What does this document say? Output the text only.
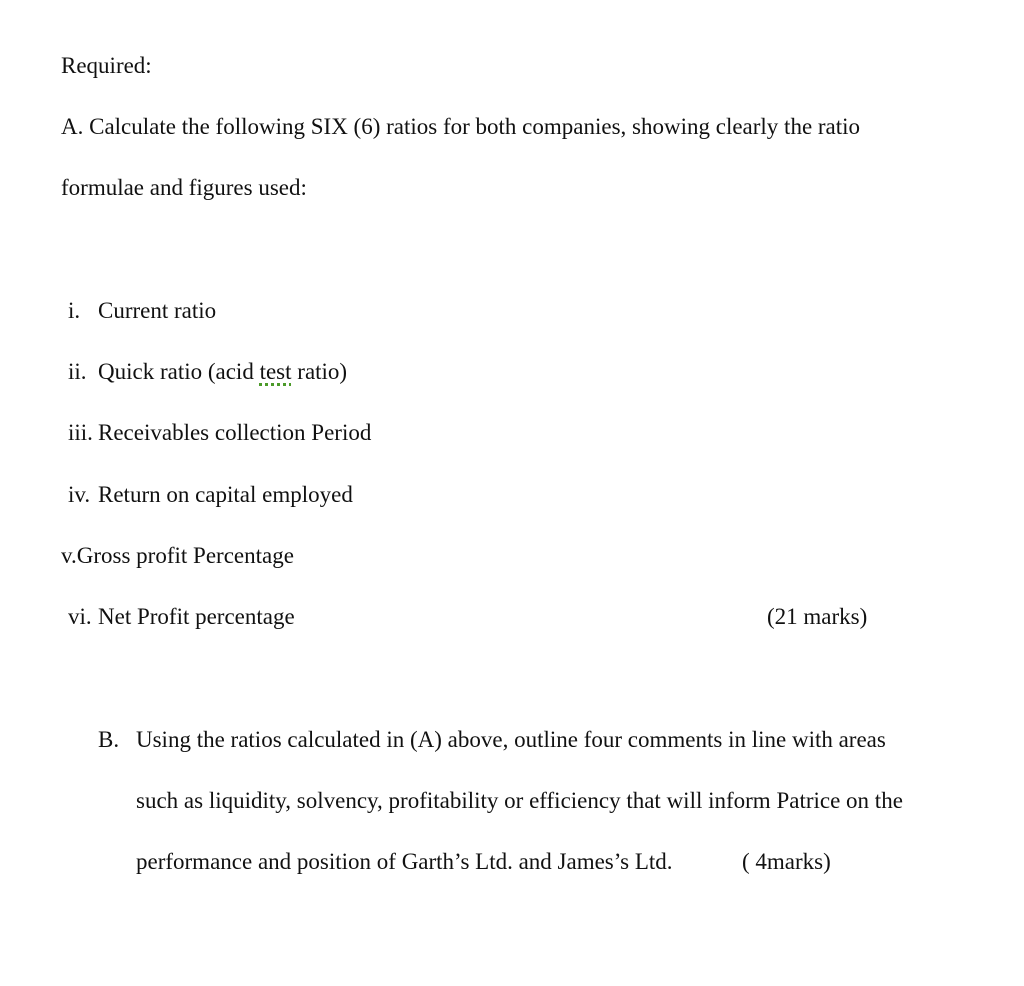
Required:
A. Calculate the following SIX (6) ratios for both companies, showing clearly the ratio
formulae and figures used:
i. Current ratio
ii. Quick ratio (acid test ratio)
iii. Receivables collection Period
iv. Return on capital employed
v.Gross profit Percentage
vi. Net Profit percentage	(21 marks)
B. Using the ratios calculated in (A) above, outline four comments in line with areas
such as liquidity, solvency, profitability or efficiency that will inform Patrice on the
performance and position of Garth’s Ltd. and James’s Ltd.	( 4marks)
